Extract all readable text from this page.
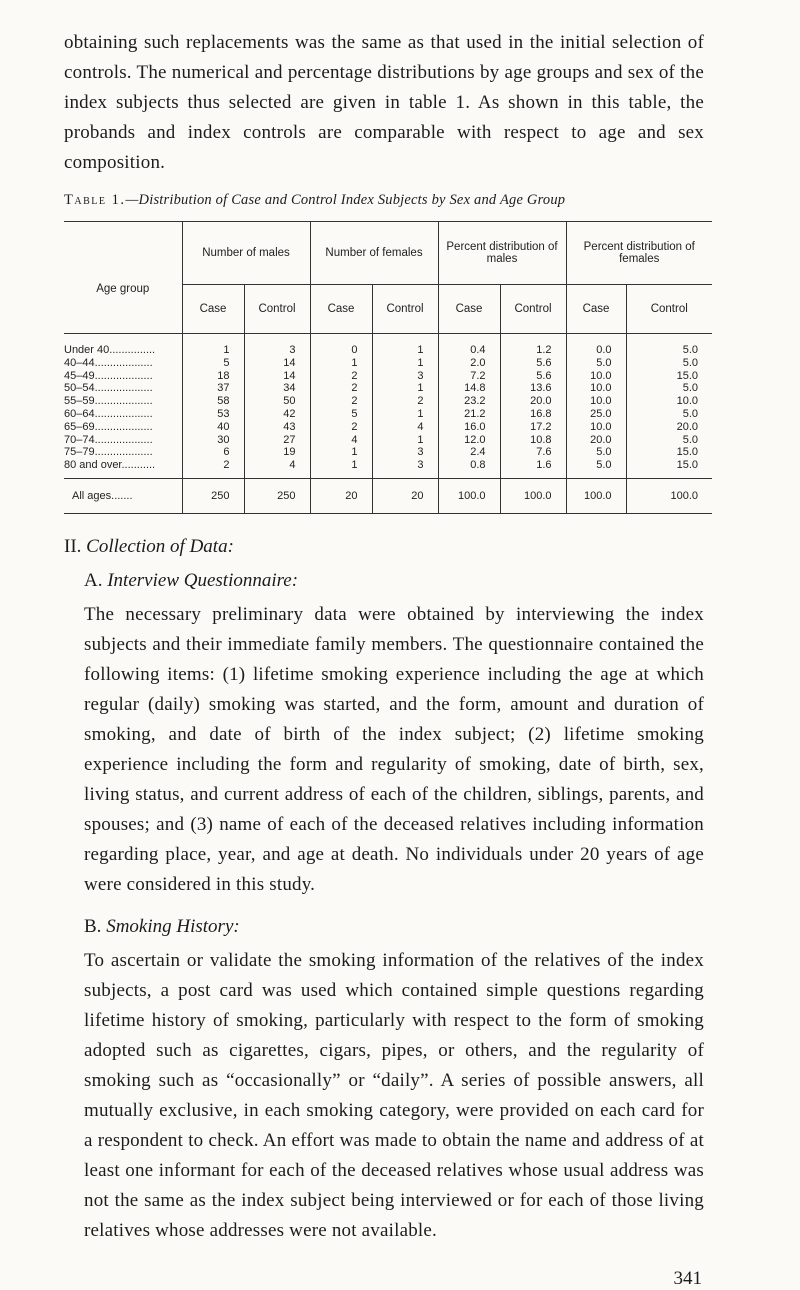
obtaining such replacements was the same as that used in the initial selection of controls. The numerical and percentage distributions by age groups and sex of the index subjects thus selected are given in table 1. As shown in this table, the probands and index controls are comparable with respect to age and sex composition.

Table 1.—Distribution of Case and Control Index Subjects by Sex and Age Group
Age group	Number of males		Number of females		Percent distribution of males		Percent distribution of females	
	Case	Control	Case	Control	Case	Control	Case	Control
Under 40...............	1	3	0	1	0.4	1.2	0.0	5.0
40–44...................	5	14	1	1	2.0	5.6	5.0	5.0
45–49...................	18	14	2	3	7.2	5.6	10.0	15.0
50–54...................	37	34	2	1	14.8	13.6	10.0	5.0
55–59...................	58	50	2	2	23.2	20.0	10.0	10.0
60–64...................	53	42	5	1	21.2	16.8	25.0	5.0
65–69...................	40	43	2	4	16.0	17.2	10.0	20.0
70–74...................	30	27	4	1	12.0	10.8	20.0	5.0
75–79...................	6	19	1	3	2.4	7.6	5.0	15.0
80 and over...........	2	4	1	3	0.8	1.6	5.0	15.0

All ages.......	250	250	20	20	100.0	100.0	100.0	100.0

II. Collection of Data:

A. Interview Questionnaire:

The necessary preliminary data were obtained by interviewing the index subjects and their immediate family members. The questionnaire contained the following items: (1) lifetime smoking experience including the age at which regular (daily) smoking was started, and the form, amount and duration of smoking, and date of birth of the index subject; (2) lifetime smoking experience including the form and regularity of smoking, date of birth, sex, living status, and current address of each of the children, siblings, parents, and spouses; and (3) name of each of the deceased relatives including information regarding place, year, and age at death. No individuals under 20 years of age were considered in this study.

B. Smoking History:

To ascertain or validate the smoking information of the relatives of the index subjects, a post card was used which contained simple questions regarding lifetime history of smoking, particularly with respect to the form of smoking adopted such as cigarettes, cigars, pipes, or others, and the regularity of smoking such as “occasionally” or “daily”. A series of possible answers, all mutually exclusive, in each smoking category, were provided on each card for a respondent to check. An effort was made to obtain the name and address of at least one informant for each of the deceased relatives whose usual address was not the same as the index subject being interviewed or for each of those living relatives whose addresses were not available.

341
